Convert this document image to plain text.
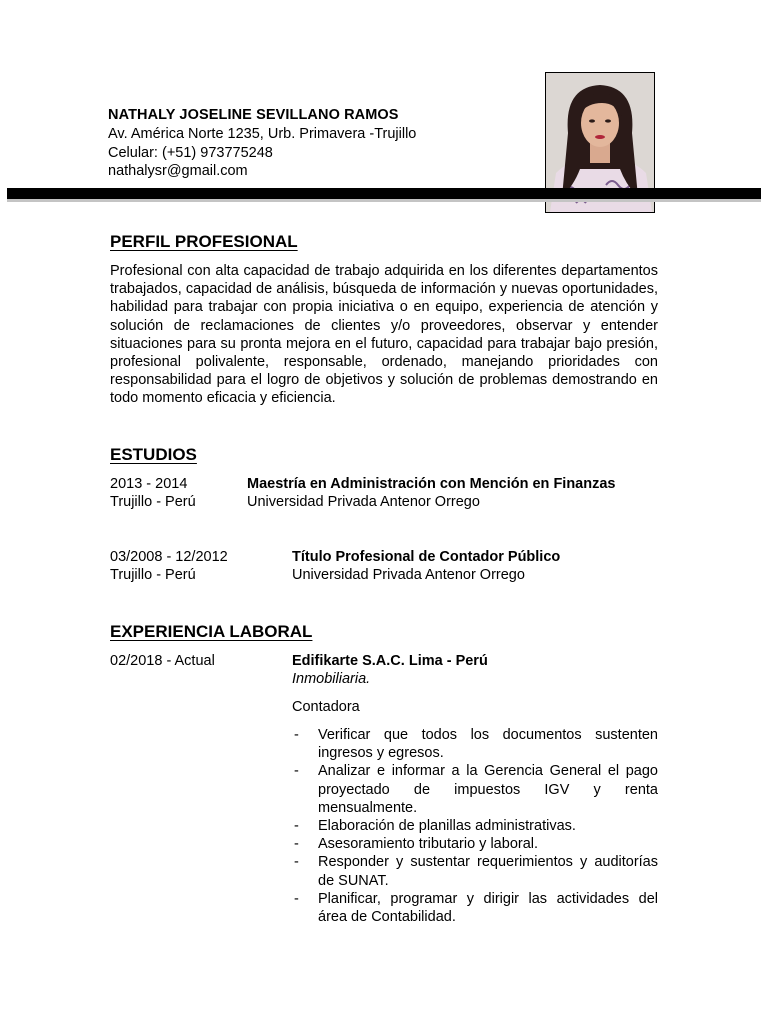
NATHALY JOSELINE SEVILLANO RAMOS
Av. América Norte 1235, Urb. Primavera -Trujillo
Celular: (+51) 973775248
nathalysr@gmail.com
PERFIL PROFESIONAL

Profesional con alta capacidad de trabajo adquirida en los diferentes departamentos trabajados, capacidad de análisis, búsqueda de información y nuevas oportunidades, habilidad para trabajar con propia iniciativa o en equipo, experiencia de atención y solución de reclamaciones de clientes y/o proveedores, observar y entender situaciones para su pronta mejora en el futuro, capacidad para trabajar bajo presión, profesional polivalente, responsable, ordenado, manejando prioridades con responsabilidad para el logro de objetivos y solución de problemas demostrando en todo momento eficacia y eficiencia.

ESTUDIOS
2013 - 2014
Trujillo - Perú
Maestría en Administración con Mención en Finanzas
Universidad Privada Antenor Orrego
03/2008 - 12/2012
Trujillo - Perú
Título Profesional de Contador Público
Universidad Privada Antenor Orrego
EXPERIENCIA LABORAL
02/2018 - Actual	Edifikarte S.A.C. Lima - Perú
Inmobiliaria.
Contadora
- Verificar que todos los documentos sustenten ingresos y egresos.
- Analizar e informar a la Gerencia General el pago proyectado de impuestos IGV y renta mensualmente.
- Elaboración de planillas administrativas.
- Asesoramiento tributario y laboral.
- Responder y sustentar requerimientos y auditorías de SUNAT.
- Planificar, programar y dirigir las actividades del área de Contabilidad.
